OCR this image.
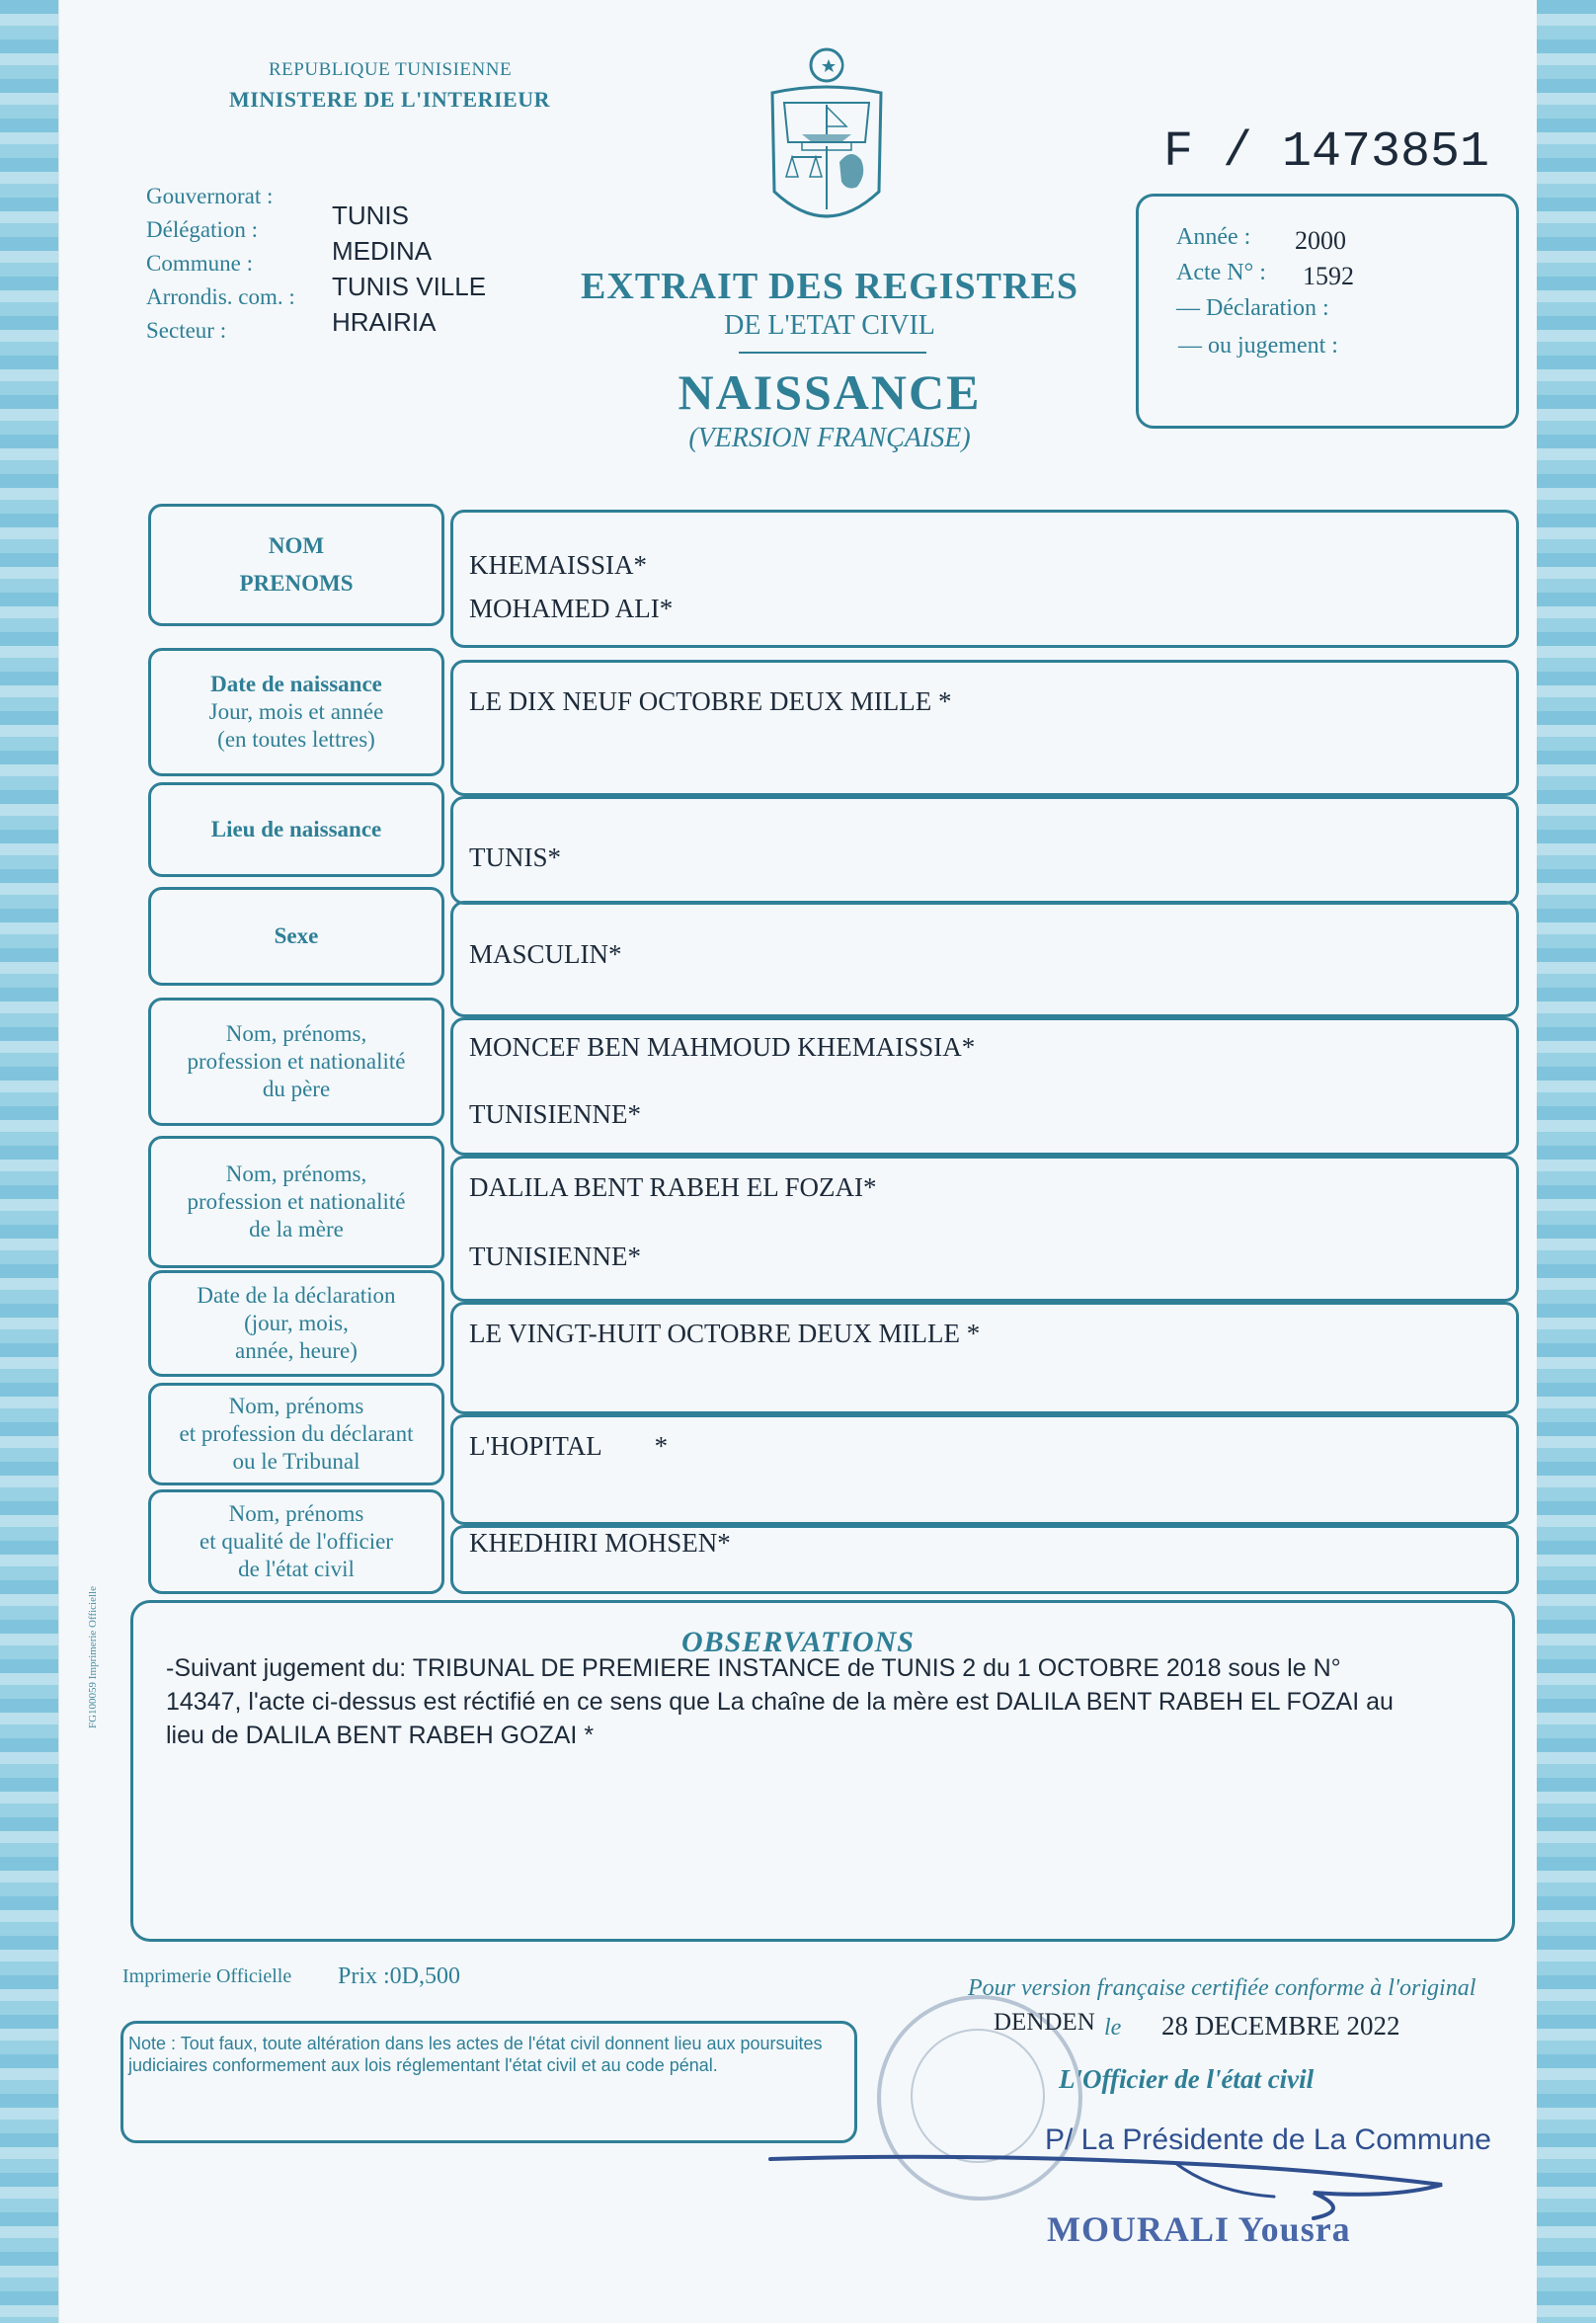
REPUBLIQUE TUNISIENNE
MINISTERE DE L'INTERIEUR
Gouvernorat :
Délégation :
Commune :
Arrondis. com. :
Secteur :
TUNIS
MEDINA
TUNIS VILLE
HRAIRIA
EXTRAIT DES REGISTRES
DE L'ETAT CIVIL
NAISSANCE
(VERSION FRANÇAISE)
F / 1473851
Année : 2000
Acte N° : 1592
— Déclaration :
— ou jugement :
NOM
PRENOMS
KHEMAISSIA*
MOHAMED ALI*
Date de naissance
Jour, mois et année
(en toutes lettres)
LE DIX NEUF OCTOBRE DEUX MILLE *
Lieu de naissance
TUNIS*
Sexe
MASCULIN*
Nom, prénoms,
profession et nationalité
du père
MONCEF BEN MAHMOUD KHEMAISSIA*
TUNISIENNE*
Nom, prénoms,
profession et nationalité
de la mère
DALILA BENT RABEH EL FOZAI*
TUNISIENNE*
Date de la déclaration
(jour, mois,
année, heure)
LE VINGT-HUIT OCTOBRE DEUX MILLE *
Nom, prénoms
et profession du déclarant
ou le Tribunal
L'HOPITAL        *
Nom, prénoms
et qualité de l'officier
de l'état civil
KHEDHIRI MOHSEN*
OBSERVATIONS
-Suivant jugement du: TRIBUNAL DE PREMIERE INSTANCE de TUNIS 2 du 1 OCTOBRE 2018 sous le N° 14347, l'acte ci-dessus est réctifié en ce sens que La chaîne de la mère est DALILA BENT RABEH EL FOZAI au lieu de DALILA BENT RABEH GOZAI *
FG100059 Imprimerie Officielle
Imprimerie Officielle Prix :0D,500
Note : Tout faux, toute altération dans les actes de l'état civil donnent lieu aux poursuites judiciaires conformement aux lois réglementant l'état civil et au code pénal.
Pour version française certifiée conforme à l'original
DENDEN le 28 DECEMBRE 2022
L'Officier de l'état civil
P/ La Présidente de La Commune
MOURALI Yousra
